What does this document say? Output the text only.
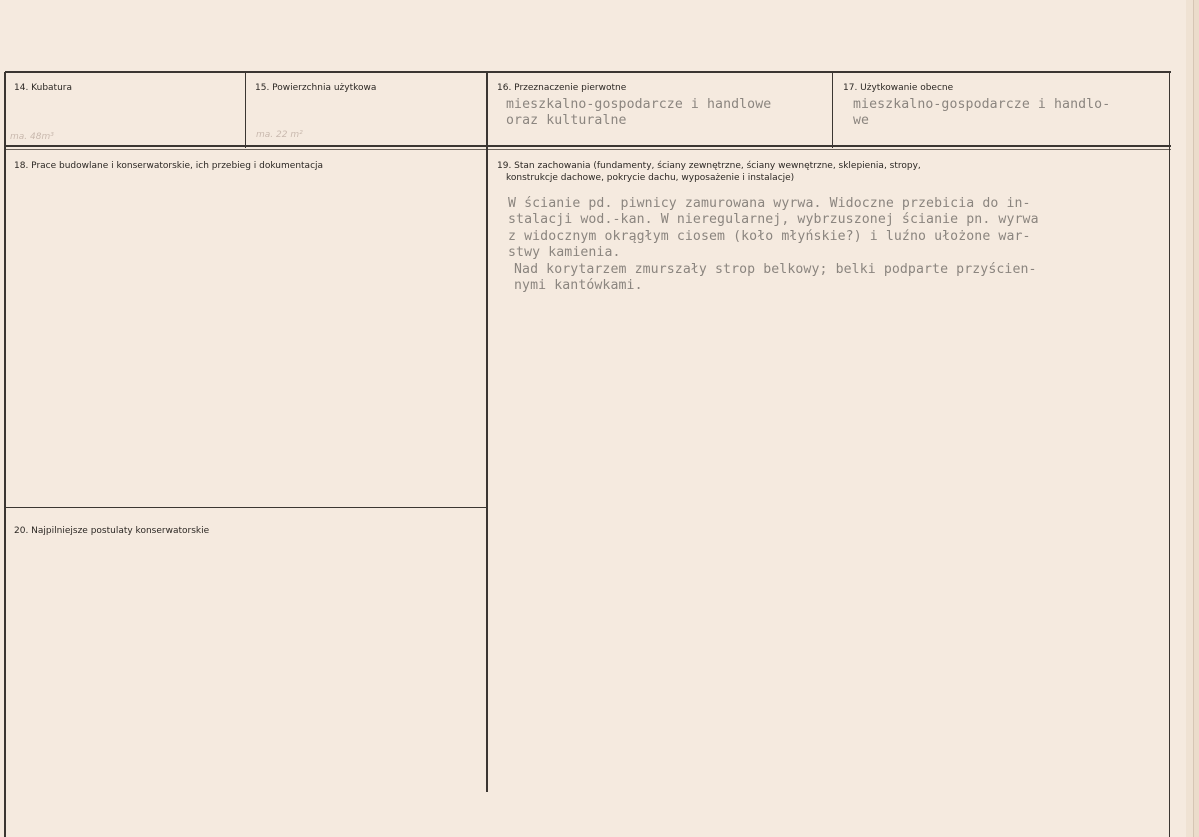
14. Kubatura
ma. 48m³
15. Powierzchnia użytkowa
ma. 22 m²
16. Przeznaczenie pierwotne
mieszkalno-gospodarcze i handlowe
oraz kulturalne
17. Użytkowanie obecne
mieszkalno-gospodarcze i handlo-
we
18. Prace budowlane i konserwatorskie, ich przebieg i dokumentacja	19. Stan zachowania (fundamenty, ściany zewnętrzne, ściany wewnętrzne, sklepienia, stropy,
konstrukcje dachowe, pokrycie dachu, wyposażenie i instalacje)
W ścianie pd. piwnicy zamurowana wyrwa. Widoczne przebicia do in-
stalacji wod.-kan. W nieregularnej, wybrzuszonej ścianie pn. wyrwa
z widocznym okrągłym ciosem (koło młyńskie?) i luźno ułożone war-
stwy kamienia.
Nad korytarzem zmurszały strop belkowy; belki podparte przyścien-
nymi kantówkami.
20. Najpilniejsze postulaty konserwatorskie
